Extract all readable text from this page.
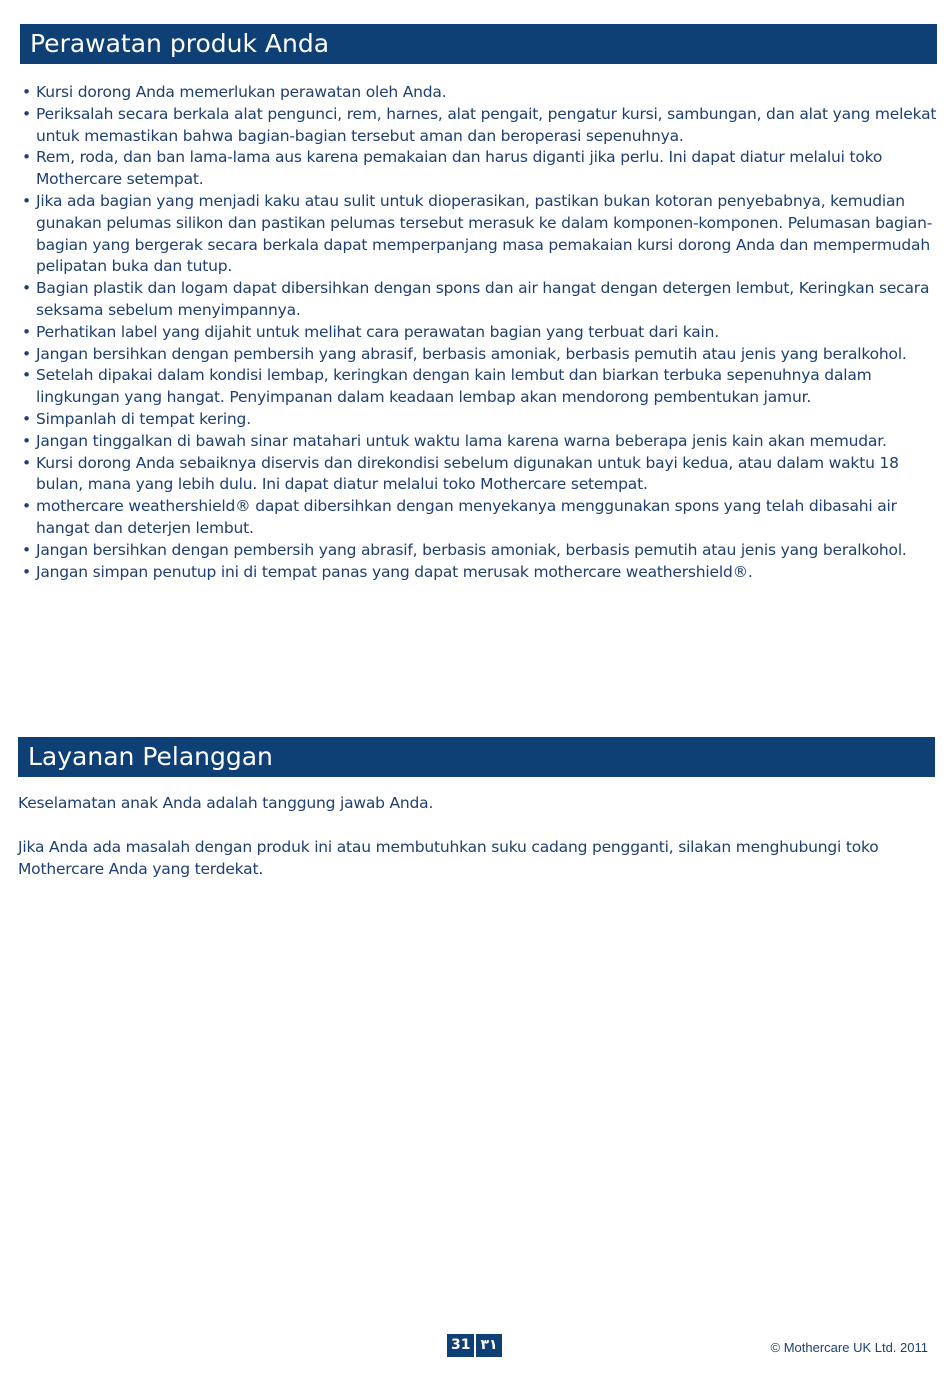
Perawatan produk Anda
• Kursi dorong Anda memerlukan perawatan oleh Anda.
• Periksalah secara berkala alat pengunci, rem, harnes, alat pengait, pengatur kursi, sambungan, dan alat yang melekat untuk memastikan bahwa bagian-bagian tersebut aman dan beroperasi sepenuhnya.
• Rem, roda, dan ban lama-lama aus karena pemakaian dan harus diganti jika perlu. Ini dapat diatur melalui toko Mothercare setempat.
• Jika ada bagian yang menjadi kaku atau sulit untuk dioperasikan, pastikan bukan kotoran penyebabnya, kemudian gunakan pelumas silikon dan pastikan pelumas tersebut merasuk ke dalam komponen-komponen. Pelumasan bagian-bagian yang bergerak secara berkala dapat memperpanjang masa pemakaian kursi dorong Anda dan mempermudah pelipatan buka dan tutup.
• Bagian plastik dan logam dapat dibersihkan dengan spons dan air hangat dengan detergen lembut, Keringkan secara seksama sebelum menyimpannya.
• Perhatikan label yang dijahit untuk melihat cara perawatan bagian yang terbuat dari kain.
• Jangan bersihkan dengan pembersih yang abrasif, berbasis amoniak, berbasis pemutih atau jenis yang beralkohol.
• Setelah dipakai dalam kondisi lembap, keringkan dengan kain lembut dan biarkan terbuka sepenuhnya dalam lingkungan yang hangat. Penyimpanan dalam keadaan lembap akan mendorong pembentukan jamur.
• Simpanlah di tempat kering.
• Jangan tinggalkan di bawah sinar matahari untuk waktu lama karena warna beberapa jenis kain akan memudar.
• Kursi dorong Anda sebaiknya diservis dan direkondisi sebelum digunakan untuk bayi kedua, atau dalam waktu 18 bulan, mana yang lebih dulu. Ini dapat diatur melalui toko Mothercare setempat.
• mothercare weathershield® dapat dibersihkan dengan menyekanya menggunakan spons yang telah dibasahi air hangat dan deterjen lembut.
• Jangan bersihkan dengan pembersih yang abrasif, berbasis amoniak, berbasis pemutih atau jenis yang beralkohol.
• Jangan simpan penutup ini di tempat panas yang dapat merusak mothercare weathershield®.
Layanan Pelanggan

Keselamatan anak Anda adalah tanggung jawab Anda.

Jika Anda ada masalah dengan produk ini atau membutuhkan suku cadang pengganti, silakan menghubungi toko Mothercare Anda yang terdekat.

31 ٣١	© Mothercare UK Ltd. 2011
